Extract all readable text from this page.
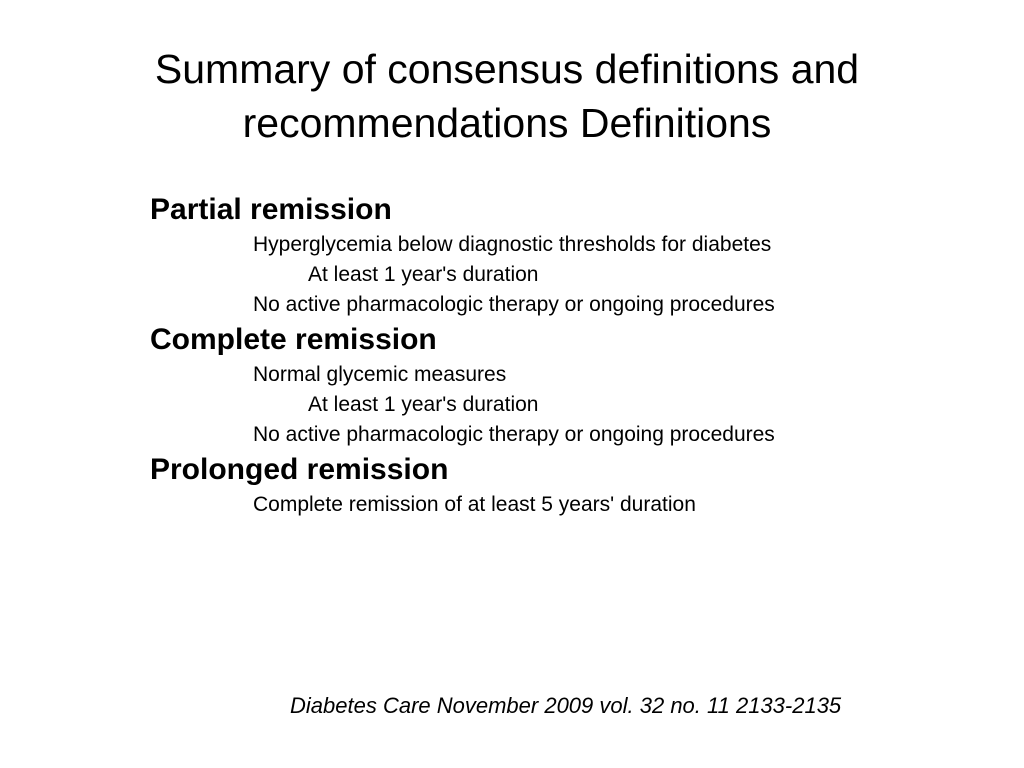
Summary of consensus definitions and
recommendations Definitions

Partial remission

Hyperglycemia below diagnostic thresholds for diabetes

At least 1 year's duration

No active pharmacologic therapy or ongoing procedures

Complete remission

Normal glycemic measures

At least 1 year's duration

No active pharmacologic therapy or ongoing procedures

Prolonged remission

Complete remission of at least 5 years' duration

Diabetes Care November 2009 vol. 32 no. 11 2133-2135
